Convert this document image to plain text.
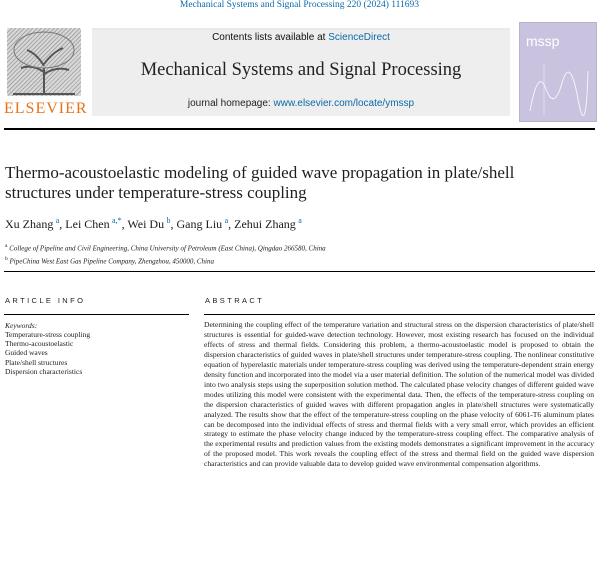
Mechanical Systems and Signal Processing 220 (2024) 111693
ELSEVIER
Contents lists available at ScienceDirect
Mechanical Systems and Signal Processing
journal homepage: www.elsevier.com/locate/ymssp
mssp
Thermo-acoustoelastic modeling of guided wave propagation in plate/shell structures under temperature-stress coupling
Xu Zhang  $^a$, Lei Chen  $^{a,*}$, Wei Du  $^b$, Gang Liu  $^a$, Zehui Zhang  $^a$
$^a$ College of Pipeline and Civil Engineering, China University of Petroleum (East China), Qingdao 266580, China
$^b$ PipeChina West East Gas Pipeline Company, Zhengzhou, 450000, China
ARTICLE INFO	ABSTRACT
Keywords:
Temperature-stress coupling
Thermo-acoustoelastic
Guided waves
Plate/shell structures
Dispersion characteristics

Determining the coupling effect of the temperature variation and structural stress on the dispersion characteristics of plate/shell structures is essential for guided-wave detection technology. However, most existing research has focused on the individual effects of stress and thermal fields. Considering this problem, a thermo-acoustoelastic model is proposed to obtain the dispersion characteristics of guided waves in plate/shell structures under temperature-stress coupling. The nonlinear constitutive equation of hyperelastic materials under temperature-stress coupling was derived using the temperature-dependent strain energy density function and incorporated into the model via a user material definition. The solution of the numerical model was divided into two analysis steps using the superposition solution method. The calculated phase velocity changes of different guided wave modes utilizing this model were consistent with the experimental data. Then, the effects of the temperature-stress coupling on the dispersion characteristics of guided waves with different propagation angles in plate/shell structures were systematically analyzed. The results show that the effect of the temperature-stress coupling on the phase velocity of 6061-T6 aluminum plates can be decomposed into the individual effects of stress and thermal fields with a very small error, which provides an efficient strategy to estimate the phase velocity change induced by the temperature-stress coupling effect. The comparative analysis of the experimental results and prediction values from the existing models demonstrates a significant improvement in the accuracy of the proposed model. This work reveals the coupling effect of the stress and thermal field on the guided wave dispersion characteristics and can provide valuable data to develop guided wave environmental compensation algorithms.
